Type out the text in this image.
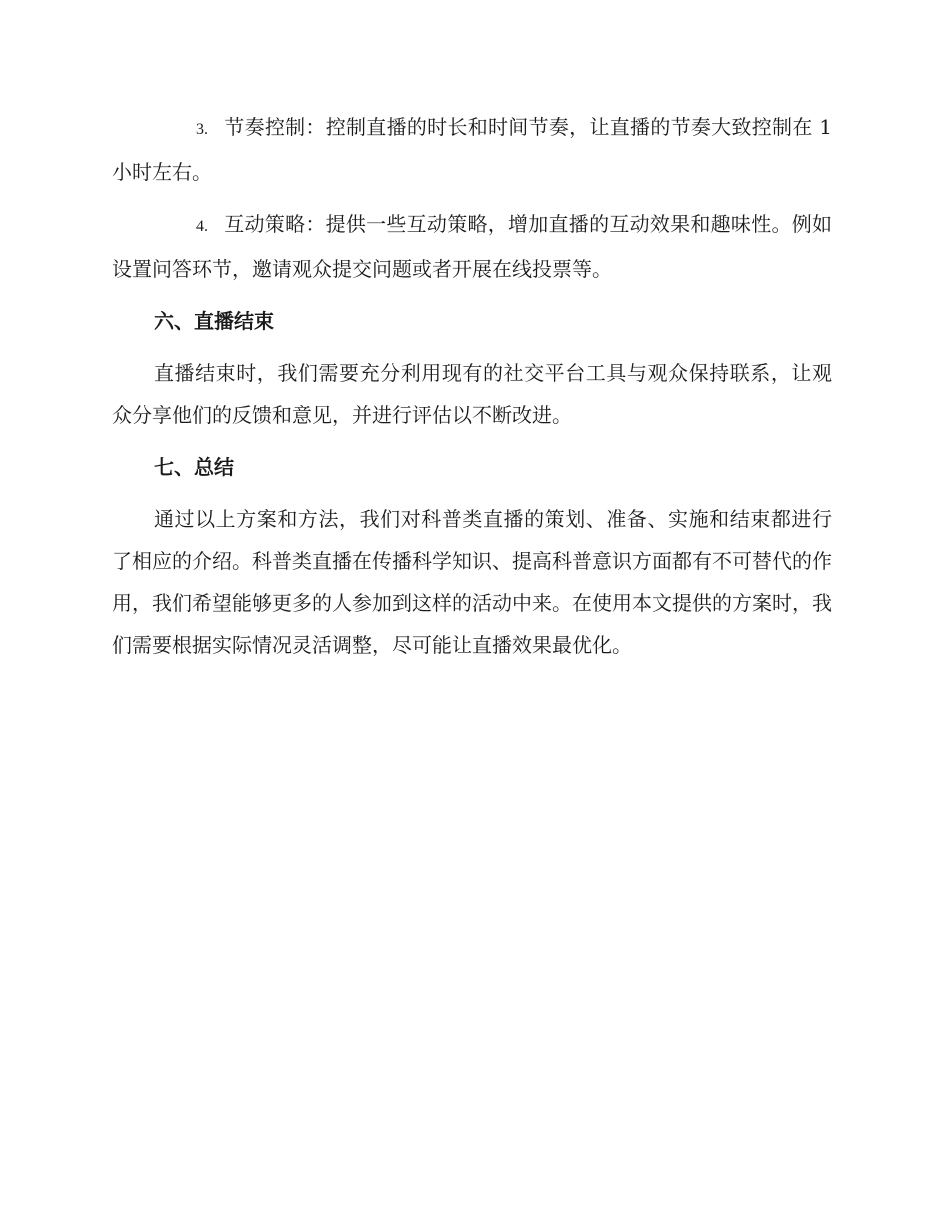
3. 节奏控制：控制直播的时长和时间节奏，让直播的节奏大致控制在 1 小时左右。

4. 互动策略：提供一些互动策略，增加直播的互动效果和趣味性。例如设置问答环节，邀请观众提交问题或者开展在线投票等。

六、直播结束

直播结束时，我们需要充分利用现有的社交平台工具与观众保持联系，让观众分享他们的反馈和意见，并进行评估以不断改进。

七、总结

通过以上方案和方法，我们对科普类直播的策划、准备、实施和结束都进行了相应的介绍。科普类直播在传播科学知识、提高科普意识方面都有不可替代的作用，我们希望能够更多的人参加到这样的活动中来。在使用本文提供的方案时，我们需要根据实际情况灵活调整，尽可能让直播效果最优化。
